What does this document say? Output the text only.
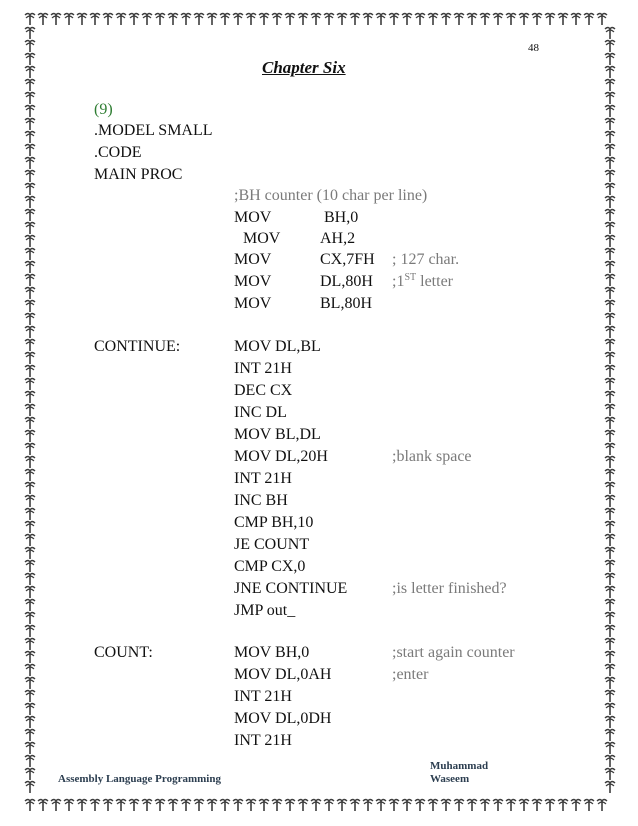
48
Chapter Six
(9)
.MODEL SMALL
.CODE
MAIN PROC
;BH counter (10 char per line)
MOV	BH,0
MOV AH,2
MOV	CX,7FH ; 127 char.
MOV	DL,80H ;1ST letter
MOV	BL,80H
CONTINUE:	MOV DL,BL
INT 21H
DEC CX
INC DL
MOV BL,DL
MOV DL,20H	;blank space
INT 21H
INC BH
CMP BH,10
JE COUNT
CMP CX,0
JNE CONTINUE	;is letter finished?
JMP out_
COUNT:	MOV BH,0	;start again counter
MOV DL,0AH	;enter
INT 21H
MOV DL,0DH
INT 21H
Muhammad
Assembly Language Programming	Waseem
